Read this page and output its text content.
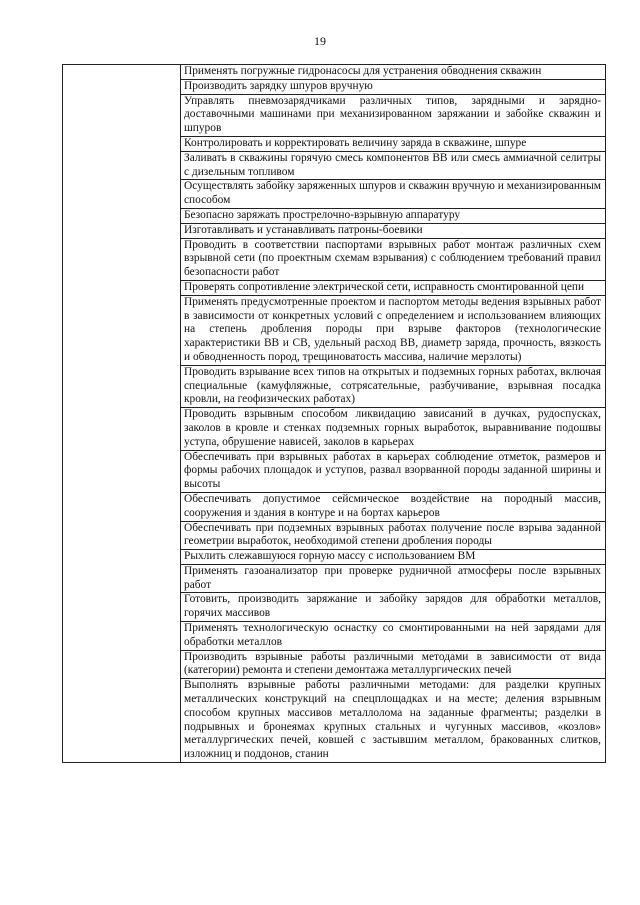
19

Применять погружные гидронасосы для устранения обводнения скважин
Производить зарядку шпуров вручную
Управлять пневмозарядчиками различных типов, зарядными и зарядно-доставочными машинами при механизированном заряжании и забойке скважин и шпуров
Контролировать и корректировать величину заряда в скважине, шпуре
Заливать в скважины горячую смесь компонентов ВВ или смесь аммиачной селитры с дизельным топливом
Осуществлять забойку заряженных шпуров и скважин вручную и механизированным способом
Безопасно заряжать прострелочно-взрывную аппаратуру
Изготавливать и устанавливать патроны-боевики
Проводить в соответствии паспортами взрывных работ монтаж различных схем взрывной сети (по проектным схемам взрывания) с соблюдением требований правил безопасности работ
Проверять сопротивление электрической сети, исправность смонтированной цепи
Применять предусмотренные проектом и паспортом методы ведения взрывных работ в зависимости от конкретных условий с определением и использованием влияющих на степень дробления породы при взрыве факторов (технологические характеристики ВВ и СВ, удельный расход ВВ, диаметр заряда, прочность, вязкость и обводненность пород, трещиноватость массива, наличие мерзлоты)
Проводить взрывание всех типов на открытых и подземных горных работах, включая специальные (камуфляжные, сотрясательные, разбучивание, взрывная посадка кровли, на геофизических работах)
Проводить взрывным способом ликвидацию зависаний в дучках, рудоспусках, заколов в кровле и стенках подземных горных выработок, выравнивание подошвы уступа, обрушение нависей, заколов в карьерах
Обеспечивать при взрывных работах в карьерах соблюдение отметок, размеров и формы рабочих площадок и уступов, развал взорванной породы заданной ширины и высоты
Обеспечивать допустимое сейсмическое воздействие на породный массив, сооружения и здания в контуре и на бортах карьеров
Обеспечивать при подземных взрывных работах получение после взрыва заданной геометрии выработок, необходимой степени дробления породы
Рыхлить слежавшуюся горную массу с использованием ВМ
Применять газоанализатор при проверке рудничной атмосферы после взрывных работ
Готовить, производить заряжание и забойку зарядов для обработки металлов, горячих массивов
Применять технологическую оснастку со смонтированными на ней зарядами для обработки металлов
Производить взрывные работы различными методами в зависимости от вида (категории) ремонта и степени демонтажа металлургических печей
Выполнять взрывные работы различными методами: для разделки крупных металлических конструкций на спецплощадках и на месте; деления взрывным способом крупных массивов металлолома на заданные фрагменты; разделки в подрывных и бронеямах крупных стальных и чугунных массивов, «козлов» металлургических печей, ковшей с застывшим металлом, бракованных слитков, изложниц и поддонов, станин
